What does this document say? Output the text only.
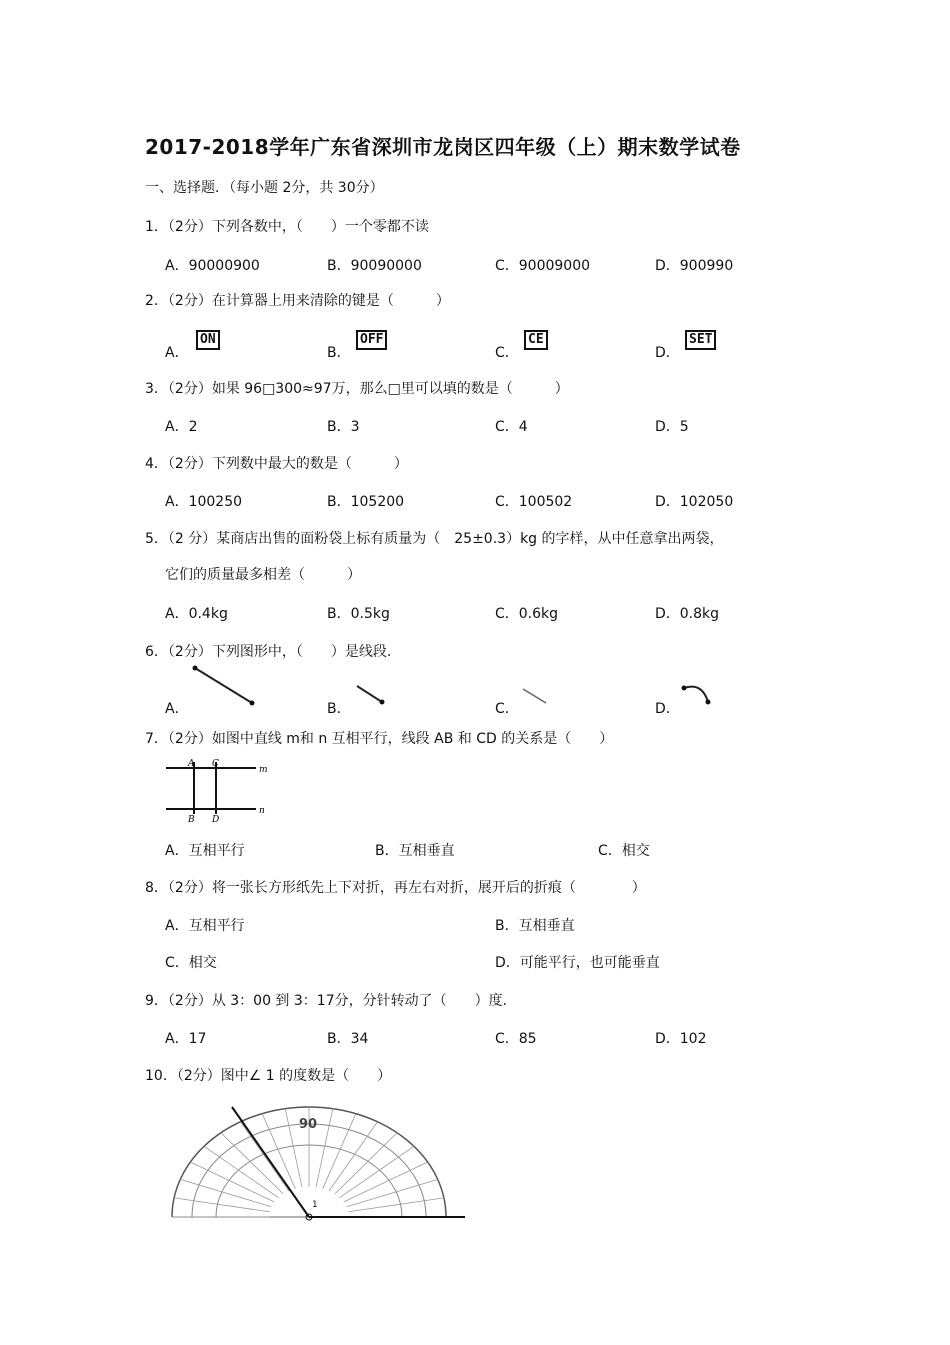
2017-2018学年广东省深圳市龙岗区四年级（上）期末数学试卷
一、选择题．（每小题 2分，共 30分）
1．（2分）下列各数中，（　　）一个零都不读
A．90000900	B．90090000	C．90009000	D．900990
2．（2分）在计算器上用来清除的键是（　　　）
A．
ON
B．
OFF
C．
CE
D．
SET
3．（2分）如果 96□300≈97万，那么□里可以填的数是（　　　）
A．2	B．3	C．4	D．5
4．（2分）下列数中最大的数是（　　　）
A．100250	B．105200	C．100502	D．102050
5．（2 分）某商店出售的面粉袋上标有质量为（　25±0.3）kg 的字样，从中任意拿出两袋，
它们的质量最多相差（　　　）
A．0.4kg	B．0.5kg	C．0.6kg	D．0.8kg
6．（2分）下列图形中，（　　）是线段.
A．	B．	C．	D．
7．（2分）如图中直线 m和 n 互相平行，线段 AB 和 CD 的关系是（　　）
A C
m
n
B D
A．互相平行	B．互相垂直	C．相交
8．（2分）将一张长方形纸先上下对折，再左右对折，展开后的折痕（　　　　）
A．互相平行	B．互相垂直
C．相交	D．可能平行，也可能垂直
9．（2分）从 3：00 到 3：17分，分针转动了（　　）度.
A．17	B．34	C．85	D．102
10．（2分）图中∠ 1 的度数是（　　）
90
1
